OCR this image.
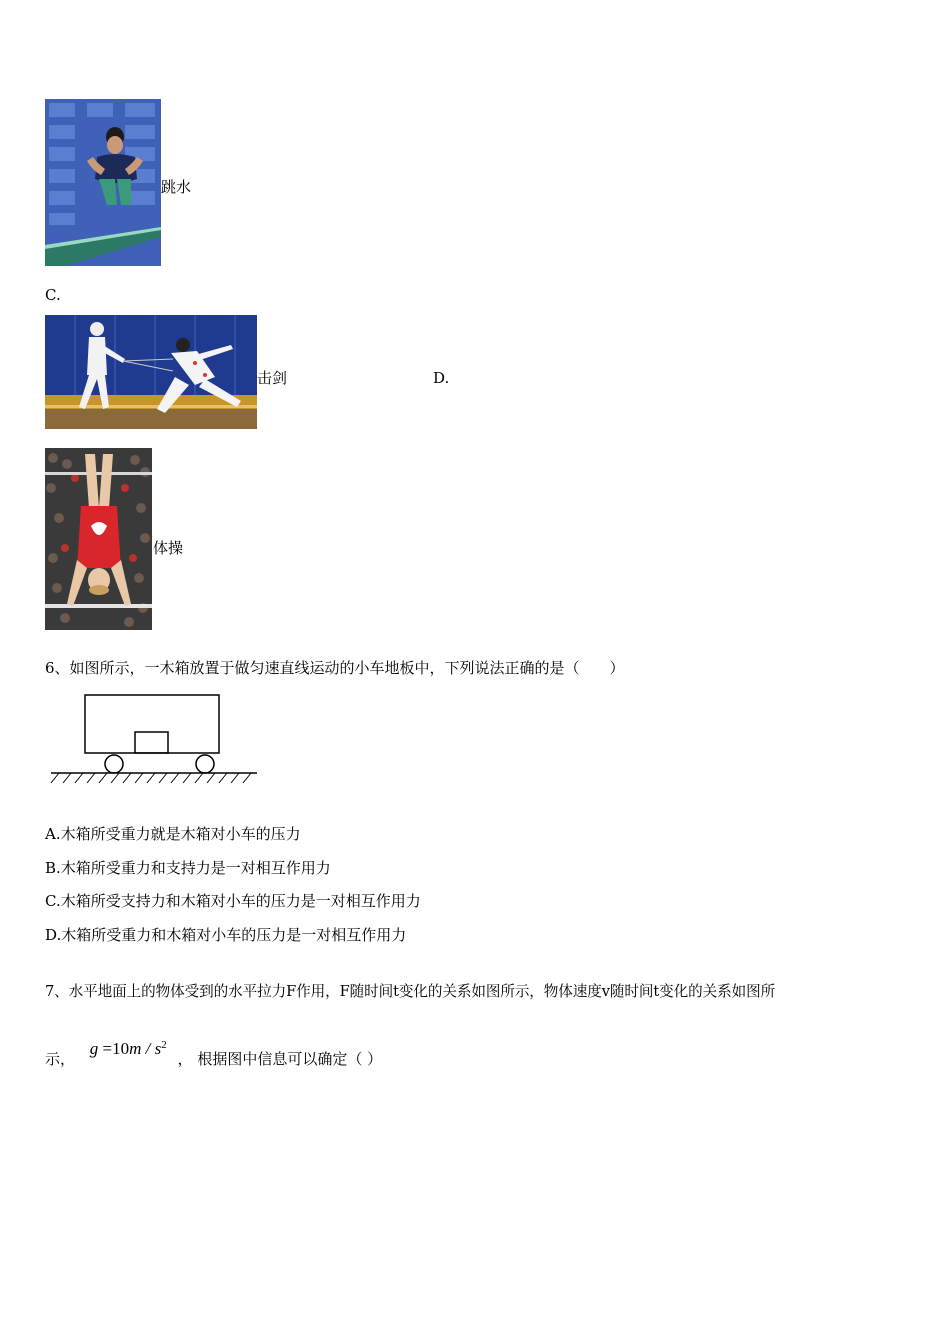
跳水
C.
击剑	D.
体操
6、如图所示，一木箱放置于做匀速直线运动的小车地板中，下列说法正确的是（　　）
A.木箱所受重力就是木箱对小车的压力
B.木箱所受重力和支持力是一对相互作用力
C.木箱所受支持力和木箱对小车的压力是一对相互作用力
D.木箱所受重力和木箱对小车的压力是一对相互作用力
7、水平地面上的物体受到的水平拉力F作用，F随时间t变化的关系如图所示，物体速度v随时间t变化的关系如图所
示， $g =10m / s^2$ ， 根据图中信息可以确定（ ）
